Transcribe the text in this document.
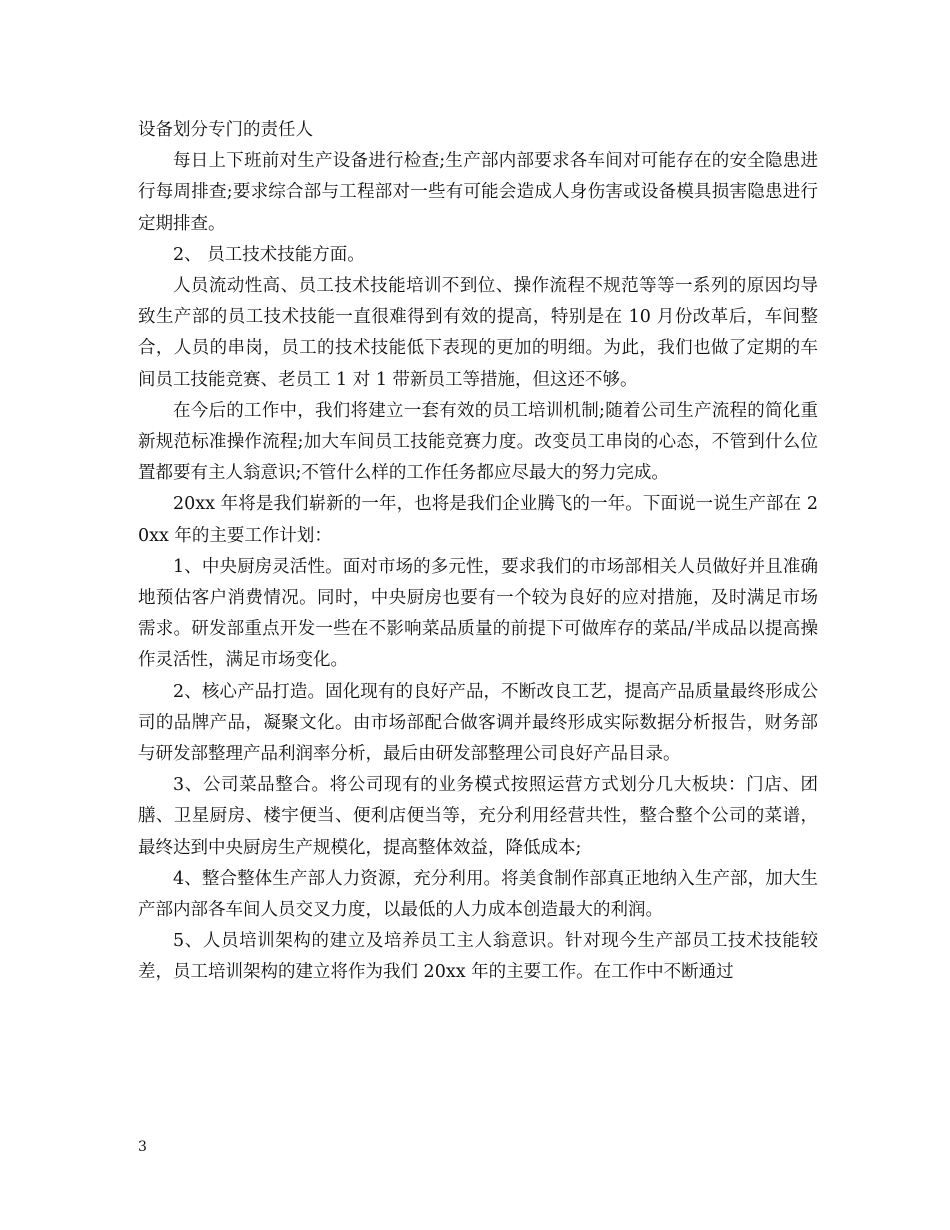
设备划分专门的责任人

每日上下班前对生产设备进行检查;生产部内部要求各车间对可能存在的安全隐患进行每周排查;要求综合部与工程部对一些有可能会造成人身伤害或设备模具损害隐患进行定期排查。

2、 员工技术技能方面。

人员流动性高、员工技术技能培训不到位、操作流程不规范等等一系列的原因均导致生产部的员工技术技能一直很难得到有效的提高，特别是在 10 月份改革后，车间整合，人员的串岗，员工的技术技能低下表现的更加的明细。为此，我们也做了定期的车间员工技能竞赛、老员工 1 对 1 带新员工等措施，但这还不够。

在今后的工作中，我们将建立一套有效的员工培训机制;随着公司生产流程的简化重新规范标准操作流程;加大车间员工技能竞赛力度。改变员工串岗的心态，不管到什么位置都要有主人翁意识;不管什么样的工作任务都应尽最大的努力完成。

20xx 年将是我们崭新的一年，也将是我们企业腾飞的一年。下面说一说生产部在 20xx 年的主要工作计划：

1、中央厨房灵活性。面对市场的多元性，要求我们的市场部相关人员做好并且准确地预估客户消费情况。同时，中央厨房也要有一个较为良好的应对措施，及时满足市场需求。研发部重点开发一些在不影响菜品质量的前提下可做库存的菜品/半成品以提高操作灵活性，满足市场变化。

2、核心产品打造。固化现有的良好产品，不断改良工艺，提高产品质量最终形成公司的品牌产品，凝聚文化。由市场部配合做客调并最终形成实际数据分析报告，财务部与研发部整理产品利润率分析，最后由研发部整理公司良好产品目录。

3、公司菜品整合。将公司现有的业务模式按照运营方式划分几大板块：门店、团膳、卫星厨房、楼宇便当、便利店便当等，充分利用经营共性，整合整个公司的菜谱，最终达到中央厨房生产规模化，提高整体效益，降低成本;

4、整合整体生产部人力资源，充分利用。将美食制作部真正地纳入生产部，加大生产部内部各车间人员交叉力度，以最低的人力成本创造最大的利润。

5、人员培训架构的建立及培养员工主人翁意识。针对现今生产部员工技术技能较差，员工培训架构的建立将作为我们 20xx 年的主要工作。在工作中不断通过

3
